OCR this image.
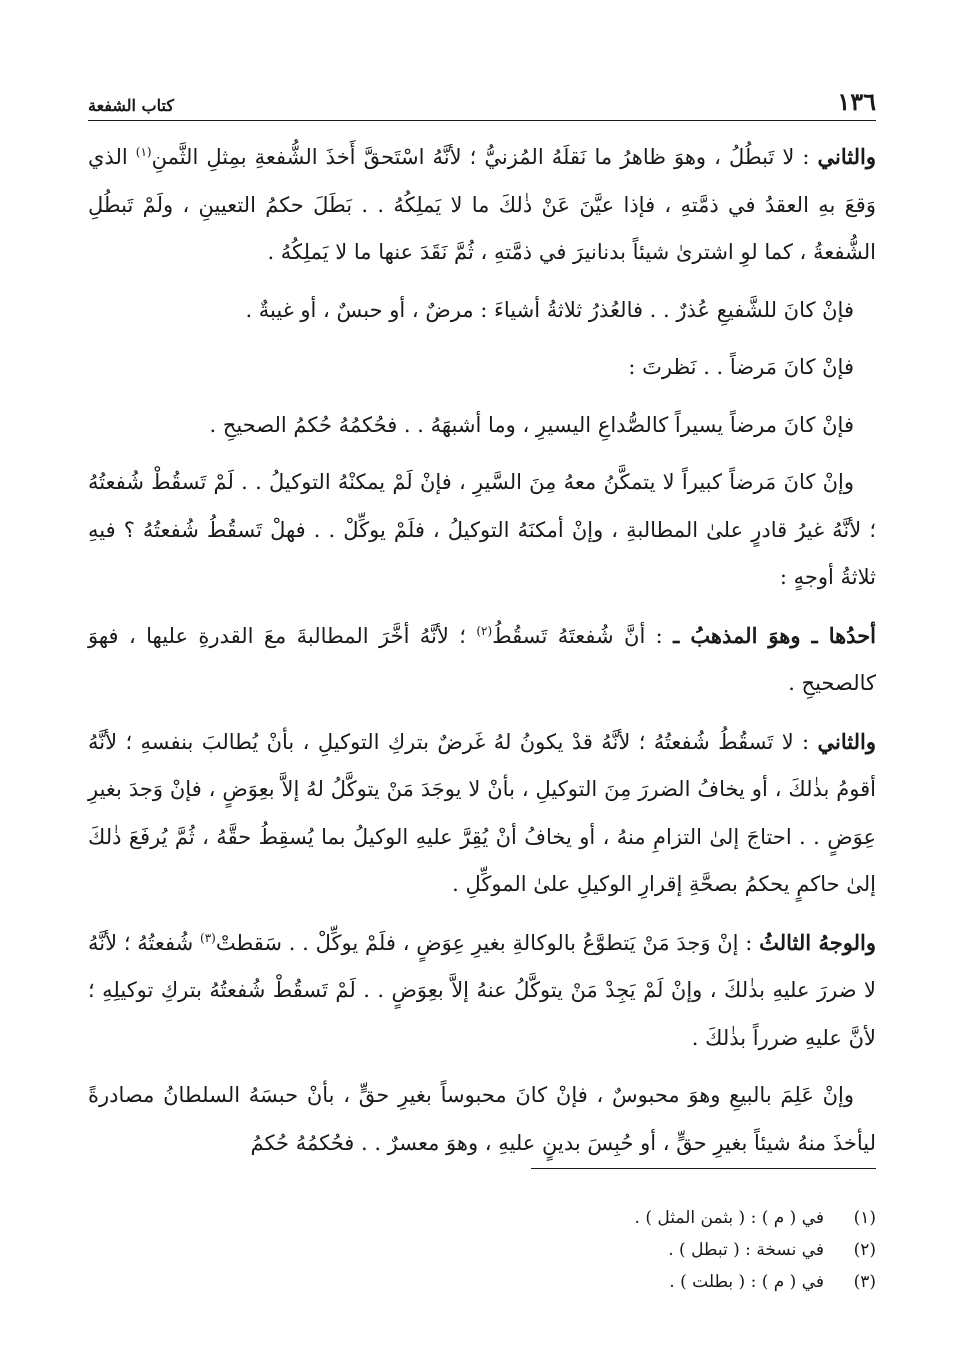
١٣٦
كتاب الشفعة

والثاني : لا تَبطُلُ ، وهوَ ظاهرُ ما نَقلَهُ المُزنيُّ ؛ لأنَّهُ اسْتَحقَّ أَخذَ الشُّفعةِ بمِثلِ الثَّمنِ$^{(١)}$ الذي وَقعَ بهِ العقدُ في ذمَّتهِ ، فإذا عيَّنَ عَنْ ذٰلكَ ما لا يَملِكُهُ . . بَطَلَ حكمُ التعيينِ ، ولَمْ تَبطُلِ الشُّفعةُ ، كما لوِ اشترىٰ شيئاً بدنانيرَ في ذمَّتهِ ، ثُمَّ نَقَدَ عنها ما لا يَملِكُهُ .

فإنْ كانَ للشَّفيعِ عُذرٌ . . فالعُذرُ ثلاثةُ أشياءَ : مرضٌ ، أو حبسٌ ، أو غيبةٌ .

فإنْ كانَ مَرضاً . . نَظرتَ :

فإنْ كانَ مرضاً يسيراً كالصُّداعِ اليسيرِ ، وما أشبهَهُ . . فحُكمُهُ حُكمُ الصحيحِ .

وإنْ كانَ مَرضاً كبيراً لا يتمكَّنُ معهُ مِنَ السَّيرِ ، فإنْ لَمْ يمكنْهُ التوكيلُ . . لَمْ تَسقُطْ شُفعتُهُ ؛ لأنَّهُ غيرُ قادرٍ علىٰ المطالبةِ ، وإنْ أمكنَهُ التوكيلُ ، فلَمْ يوكِّلْ . . فهلْ تَسقُطُ شُفعتُهُ ؟ فيهِ ثلاثةُ أوجهٍ :

أحدُها ـ وهوَ المذهبُ ـ : أنَّ شُفعتَهُ تَسقُطُ$^{(٢)}$ ؛ لأنَّهُ أخَّرَ المطالبةَ معَ القدرةِ عليها ، فهوَ كالصحيحِ .

والثاني : لا تَسقُطُ شُفعتُهُ ؛ لأنَّهُ قدْ يكونُ لهُ غَرضٌ بتركِ التوكيلِ ، بأنْ يُطالبَ بنفسهِ ؛ لأنَّهُ أقومُ بذٰلكَ ، أو يخافُ الضررَ مِنَ التوكيلِ ، بأنْ لا يوجَدَ مَنْ يتوكَّلُ لهُ إلاَّ بعِوَضٍ ، فإنْ وَجدَ بغيرِ عِوَضٍ . . احتاجَ إلىٰ التزامِ منهُ ، أو يخافُ أنْ يُقِرَّ عليهِ الوكيلُ بما يُسقِطُ حقَّهُ ، ثُمَّ يُرفَعَ ذٰلكَ إلىٰ حاكمٍ يحكمُ بصحَّةِ إقرارِ الوكيلِ علىٰ الموكِّلِ .

والوجهُ الثالثُ : إنْ وَجدَ مَنْ يَتطوَّعُ بالوكالةِ بغيرِ عِوَضٍ ، فلَمْ يوكِّلْ . . سَقطتْ$^{(٣)}$ شُفعتُهُ ؛ لأنَّهُ لا ضررَ عليهِ بذٰلكَ ، وإنْ لَمْ يَجِدْ مَنْ يتوكَّلُ عنهُ إلاَّ بعِوَضٍ . . لَمْ تَسقُطْ شُفعتُهُ بتركِ توكيلِهِ ؛ لأنَّ عليهِ ضرراً بذٰلكَ .

وإنْ عَلِمَ بالبيعِ وهوَ محبوسٌ ، فإنْ كانَ محبوساً بغيرِ حقٍّ ، بأنْ حبسَهُ السلطانُ مصادرةً ليأخذَ منهُ شيئاً بغيرِ حقٍّ ، أو حُبِسَ بدينٍ عليهِ ، وهوَ معسرٌ . . فحُكمُهُ حُكمُ

(١)
في ( م ) : ( بثمن المثل ) .
(٢)
في نسخة : ( تبطل ) .
(٣)
في ( م ) : ( بطلت ) .
